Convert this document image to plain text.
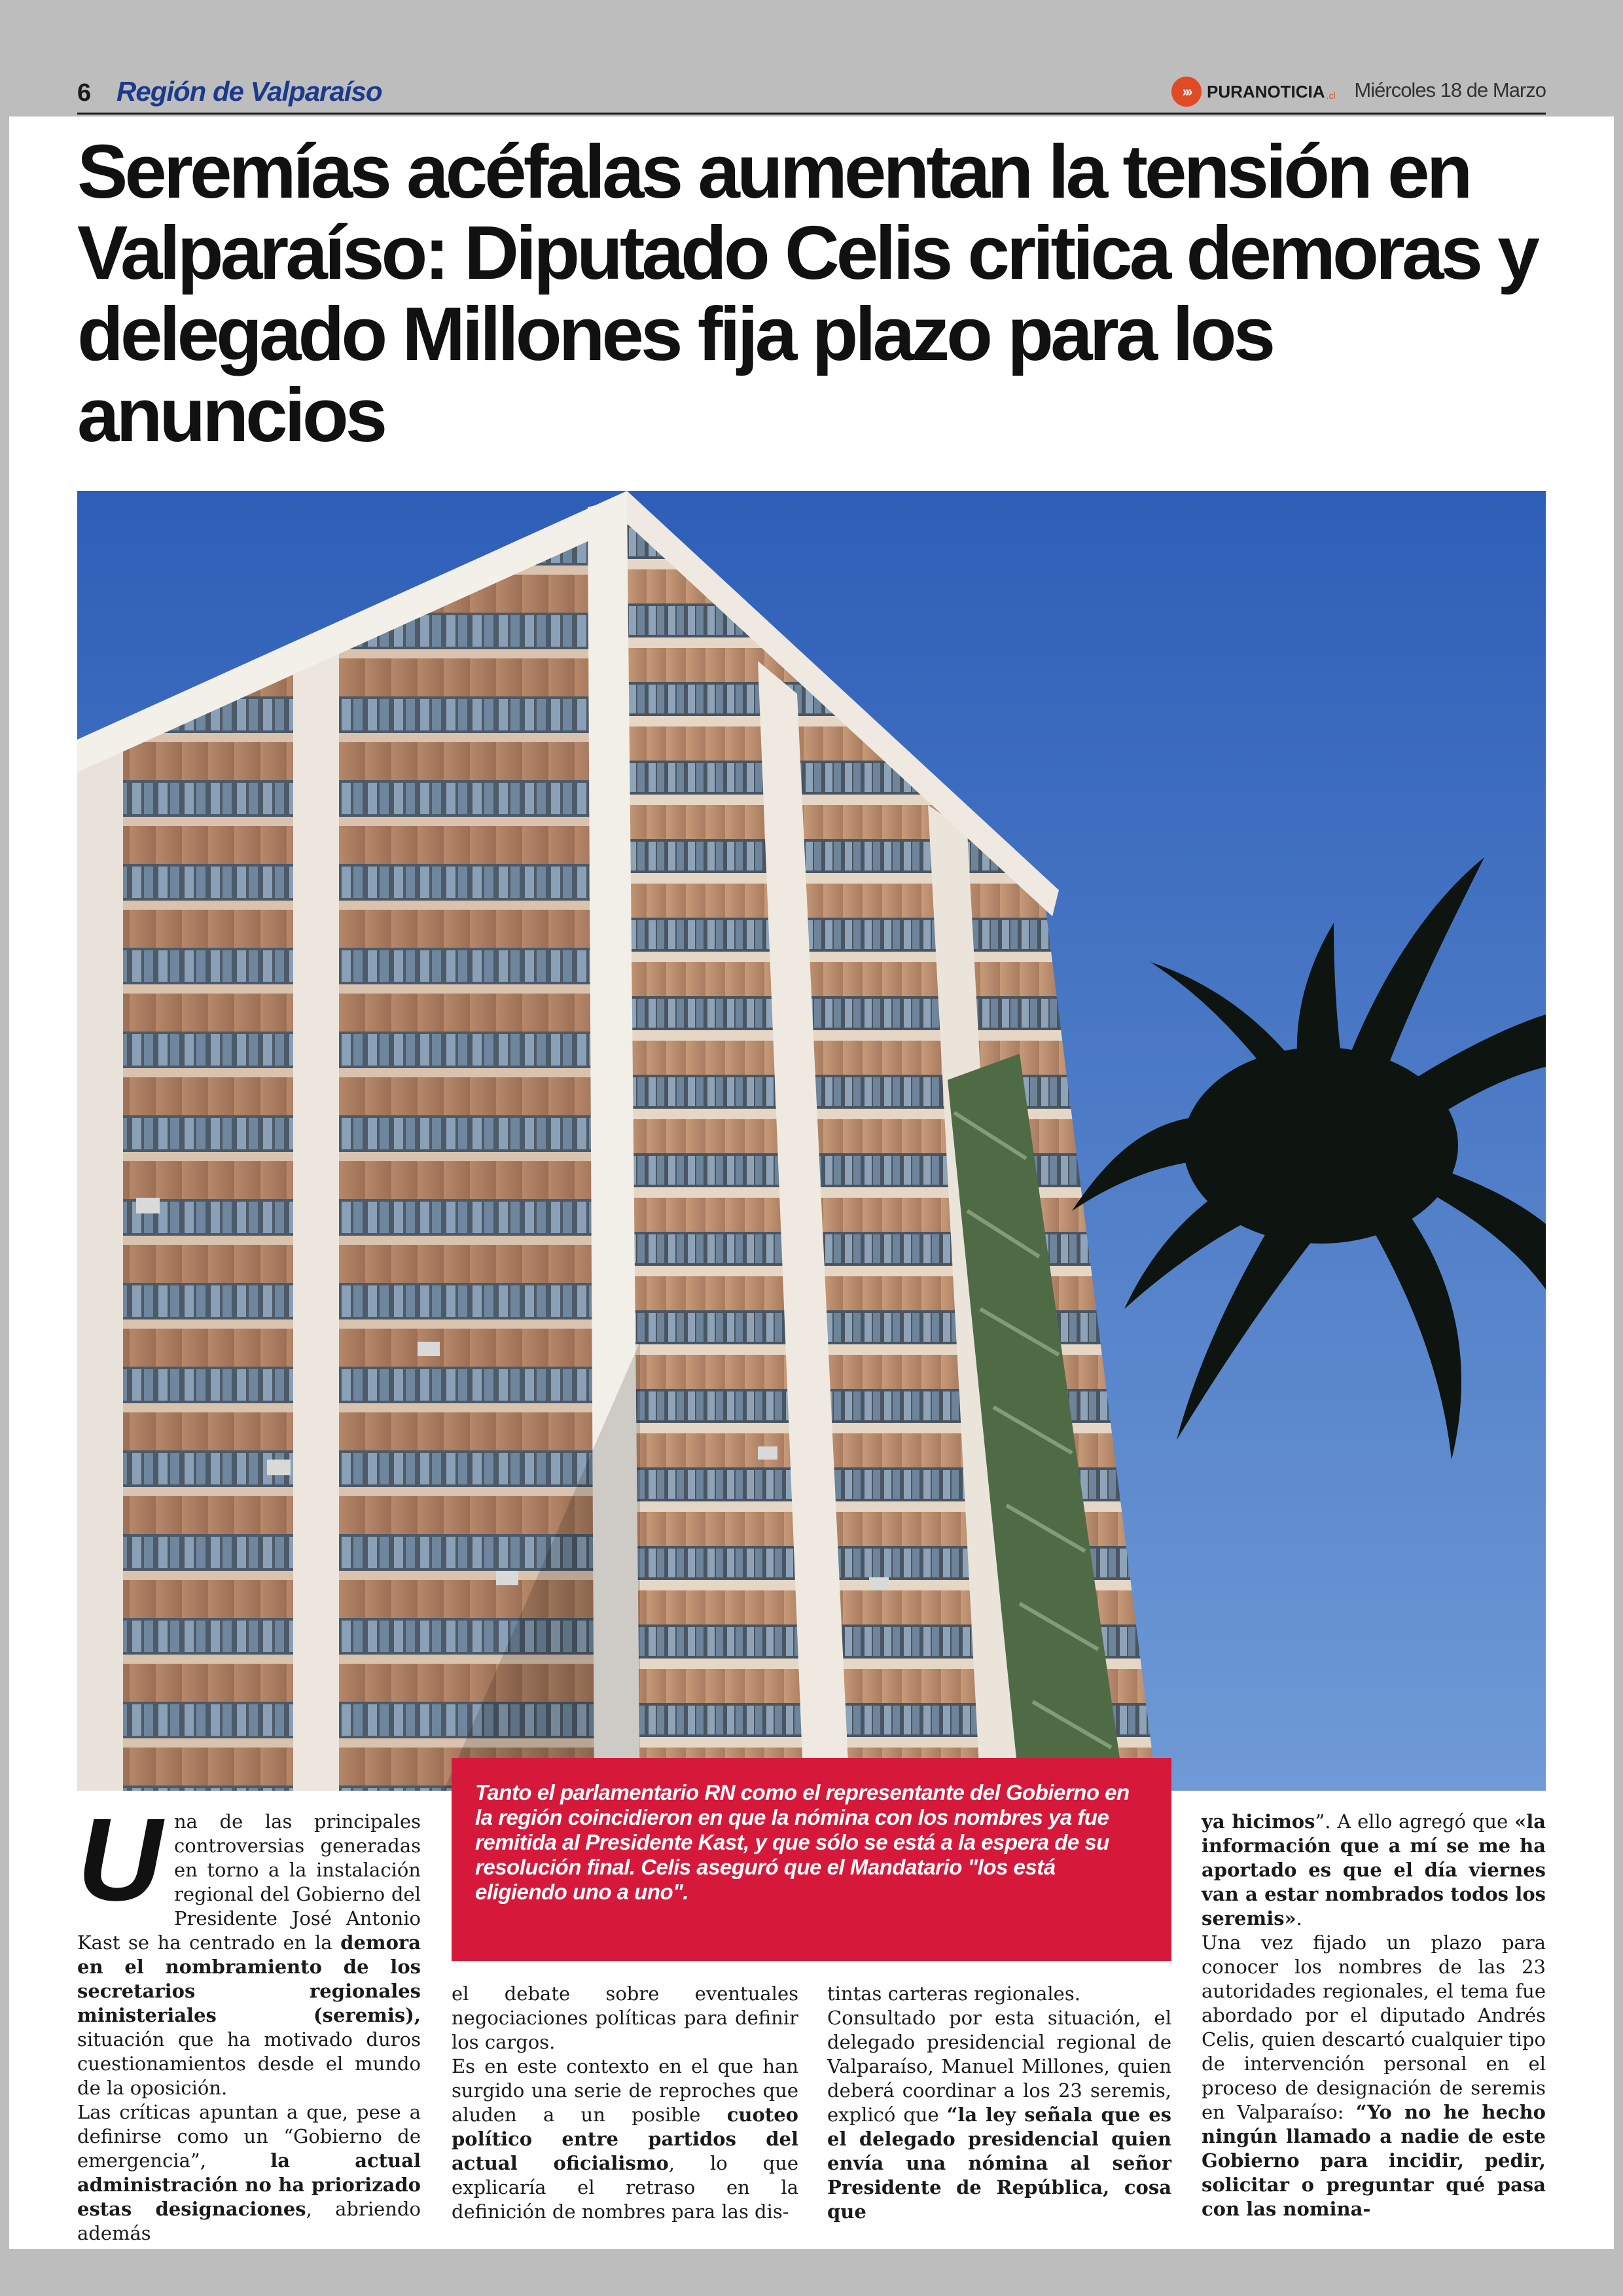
6 Región de Valparaíso	››› PURANOTICIA .cl Miércoles 18 de Marzo
Seremías acéfalas aumentan la tensión en Valparaíso: Diputado Celis critica demoras y delegado Millones fija plazo para los anuncios

Tanto el parlamentario RN como el representante del Gobierno en la región coincidieron en que la nómina con los nombres ya fue remitida al Presidente Kast, y que sólo se está a la espera de su resolución final. Celis aseguró que el Mandatario "los está eligiendo uno a uno".

U na de las principales controversias generadas en torno a la instalación regional del Gobierno del Presidente José Antonio Kast se ha centrado en la demora en el nombramiento de los secretarios regionales ministeriales (seremis), situación que ha motivado duros cuestionamientos desde el mundo de la oposición.

Las críticas apuntan a que, pese a definirse como un “Gobierno de emergencia”, la actual administración no ha priorizado estas designaciones, abriendo además

el debate sobre eventuales negociaciones políticas para definir los cargos.

Es en este contexto en el que han surgido una serie de reproches que aluden a un posible cuoteo político entre partidos del actual oficialismo, lo que explicaría el retraso en la definición de nombres para las dis-

tintas carteras regionales.

Consultado por esta situación, el delegado presidencial regional de Valparaíso, Manuel Millones, quien deberá coordinar a los 23 seremis, explicó que “la ley señala que es el delegado presidencial quien envía una nómina al señor Presidente de República, cosa que

ya hicimos”. A ello agregó que «la información que a mí se me ha aportado es que el día viernes van a estar nombrados todos los seremis».

Una vez fijado un plazo para conocer los nombres de las 23 autoridades regionales, el tema fue abordado por el diputado Andrés Celis, quien descartó cualquier tipo de intervención personal en el proceso de designación de seremis en Valparaíso: “Yo no he hecho ningún llamado a nadie de este Gobierno para incidir, pedir, solicitar o preguntar qué pasa con las nomina-
